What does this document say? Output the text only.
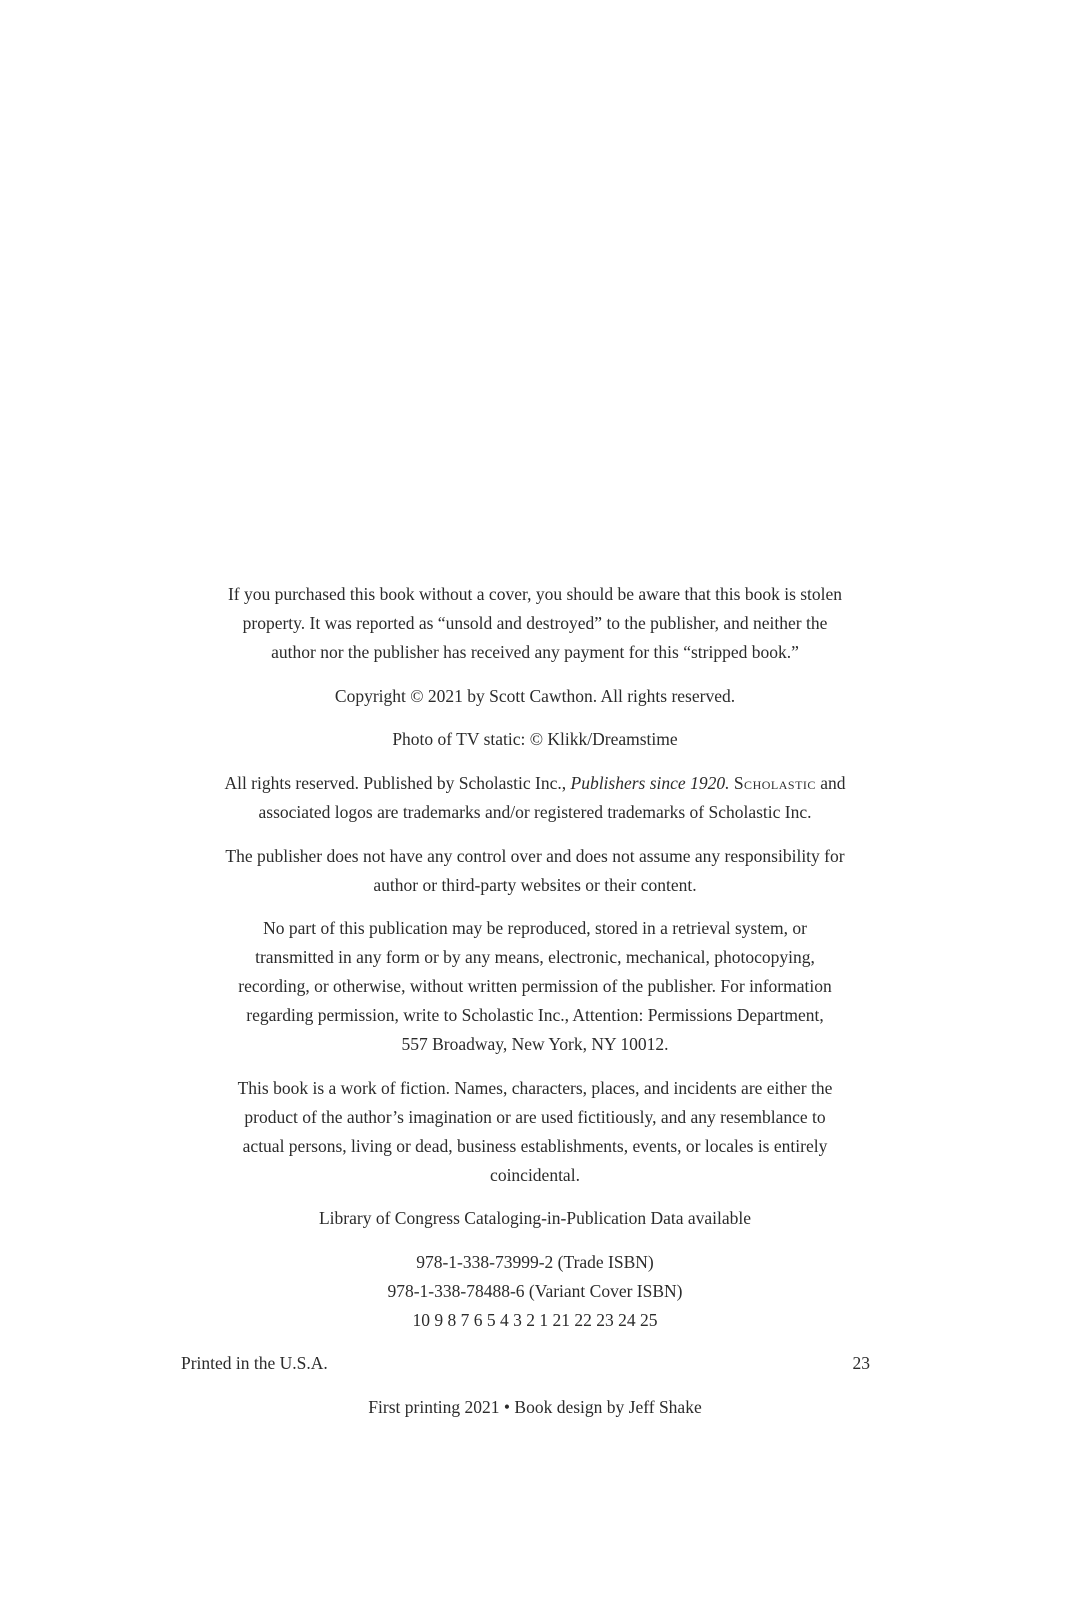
If you purchased this book without a cover, you should be aware that this book is stolen

property. It was reported as “unsold and destroyed” to the publisher, and neither the

author nor the publisher has received any payment for this “stripped book.”

Copyright © 2021 by Scott Cawthon. All rights reserved.

Photo of TV static: © Klikk/Dreamstime

All rights reserved. Published by Scholastic Inc., Publishers since 1920. Scholastic and

associated logos are trademarks and/or registered trademarks of Scholastic Inc.

The publisher does not have any control over and does not assume any responsibility for

author or third-party websites or their content.

No part of this publication may be reproduced, stored in a retrieval system, or

transmitted in any form or by any means, electronic, mechanical, photocopying,

recording, or otherwise, without written permission of the publisher. For information

regarding permission, write to Scholastic Inc., Attention: Permissions Department,

557 Broadway, New York, NY 10012.

This book is a work of fiction. Names, characters, places, and incidents are either the

product of the author’s imagination or are used fictitiously, and any resemblance to

actual persons, living or dead, business establishments, events, or locales is entirely

coincidental.

Library of Congress Cataloging-in-Publication Data available

978-1-338-73999-2 (Trade ISBN)

978-1-338-78488-6 (Variant Cover ISBN)

10 9 8 7 6 5 4 3 2 1 21 22 23 24 25

Printed in the U.S.A.	23

First printing 2021 • Book design by Jeff Shake
